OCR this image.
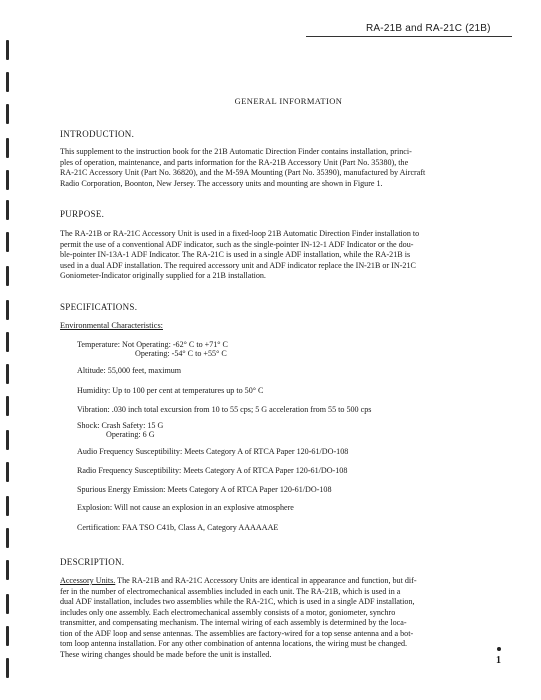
RA-21B and RA-21C (21B)
GENERAL INFORMATION
INTRODUCTION.
This supplement to the instruction book for the 21B Automatic Direction Finder contains installation, princi-
ples of operation, maintenance, and parts information for the RA-21B Accessory Unit (Part No. 35380), the
RA-21C Accessory Unit (Part No. 36820), and the M-59A Mounting (Part No. 35390), manufactured by Aircraft
Radio Corporation, Boonton, New Jersey. The accessory units and mounting are shown in Figure 1.
PURPOSE.
The RA-21B or RA-21C Accessory Unit is used in a fixed-loop 21B Automatic Direction Finder installation to
permit the use of a conventional ADF indicator, such as the single-pointer IN-12-1 ADF Indicator or the dou-
ble-pointer IN-13A-1 ADF Indicator. The RA-21C is used in a single ADF installation, while the RA-21B is
used in a dual ADF installation. The required accessory unit and ADF indicator replace the IN-21B or IN-21C
Goniometer-Indicator originally supplied for a 21B installation.
SPECIFICATIONS.
Environmental Characteristics:
Temperature: Not Operating: -62° C to +71° C
Operating: -54° C to +55° C
Altitude: 55,000 feet, maximum
Humidity: Up to 100 per cent at temperatures up to 50° C
Vibration: .030 inch total excursion from 10 to 55 cps; 5 G acceleration from 55 to 500 cps
Shock: Crash Safety: 15 G
Operating: 6 G
Audio Frequency Susceptibility: Meets Category A of RTCA Paper 120-61/DO-108
Radio Frequency Susceptibility: Meets Category A of RTCA Paper 120-61/DO-108
Spurious Energy Emission: Meets Category A of RTCA Paper 120-61/DO-108
Explosion: Will not cause an explosion in an explosive atmosphere
Certification: FAA TSO C41b, Class A, Category AAAAAAE
DESCRIPTION.
Accessory Units. The RA-21B and RA-21C Accessory Units are identical in appearance and function, but dif-
fer in the number of electromechanical assemblies included in each unit. The RA-21B, which is used in a
dual ADF installation, includes two assemblies while the RA-21C, which is used in a single ADF installation,
includes only one assembly. Each electromechanical assembly consists of a motor, goniometer, synchro
transmitter, and compensating mechanism. The internal wiring of each assembly is determined by the loca-
tion of the ADF loop and sense antennas. The assemblies are factory-wired for a top sense antenna and a bot-
tom loop antenna installation. For any other combination of antenna locations, the wiring must be changed.
These wiring changes should be made before the unit is installed.
1
